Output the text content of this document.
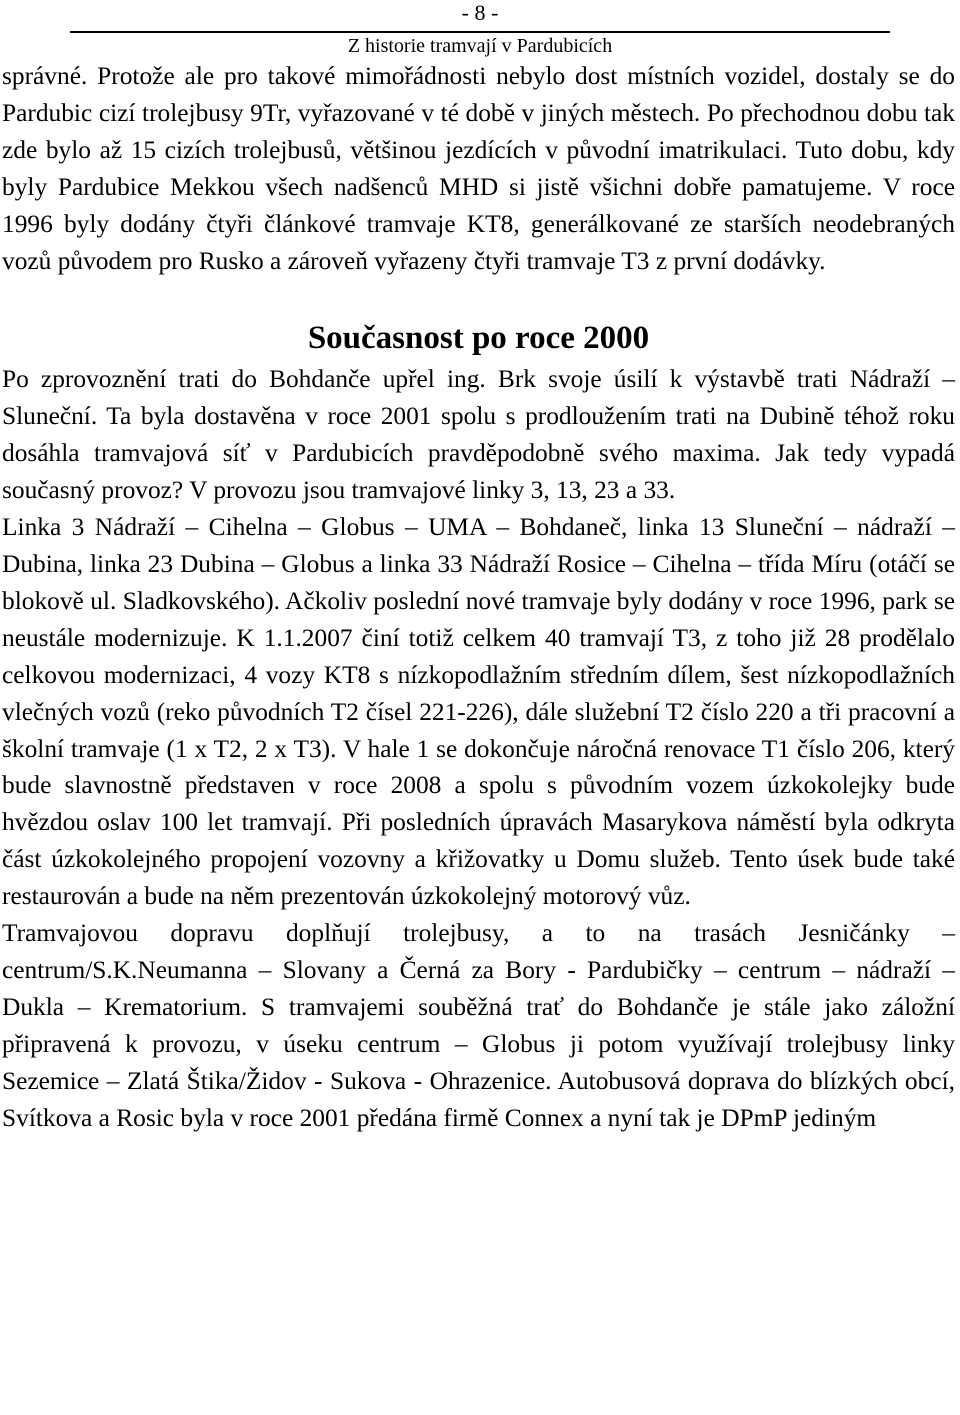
- 8 -
Z historie tramvají v Pardubicích

správné. Protože ale pro takové mimořádnosti nebylo dost místních vozidel, dostaly se do Pardubic cizí trolejbusy 9Tr, vyřazované v té době v jiných městech. Po přechodnou dobu tak zde bylo až 15 cizích trolejbusů, většinou jezdících v původní imatrikulaci. Tuto dobu, kdy byly Pardubice Mekkou všech nadšenců MHD si jistě všichni dobře pamatujeme. V roce 1996 byly dodány čtyři článkové tramvaje KT8, generálkované ze starších neodebraných vozů původem pro Rusko a zároveň vyřazeny čtyři tramvaje T3 z první dodávky.

Současnost po roce 2000

Po zprovoznění trati do Bohdanče upřel ing. Brk svoje úsilí k výstavbě trati Nádraží – Sluneční. Ta byla dostavěna v roce 2001 spolu s prodloužením trati na Dubině téhož roku dosáhla tramvajová síť v Pardubicích pravděpodobně svého maxima. Jak tedy vypadá současný provoz? V provozu jsou tramvajové linky 3, 13, 23 a 33.

Linka 3 Nádraží – Cihelna – Globus – UMA – Bohdaneč, linka 13 Sluneční – nádraží – Dubina, linka 23 Dubina – Globus a linka 33 Nádraží Rosice – Cihelna – třída Míru (otáčí se blokově ul. Sladkovského). Ačkoliv poslední nové tramvaje byly dodány v roce 1996, park se neustále modernizuje. K 1.1.2007 činí totiž celkem 40 tramvají T3, z toho již 28 prodělalo celkovou modernizaci, 4 vozy KT8 s nízkopodlažním středním dílem, šest nízkopodlažních vlečných vozů (reko původních T2 čísel 221-226), dále služební T2 číslo 220 a tři pracovní a školní tramvaje (1 x T2, 2 x T3). V hale 1 se dokončuje náročná renovace T1 číslo 206, který bude slavnostně představen v roce 2008 a spolu s původním vozem úzkokolejky bude hvězdou oslav 100 let tramvají. Při posledních úpravách Masarykova náměstí byla odkryta část úzkokolejného propojení vozovny a křižovatky u Domu služeb. Tento úsek bude také restaurován a bude na něm prezentován úzkokolejný motorový vůz.

Tramvajovou dopravu doplňují trolejbusy, a to na trasách Jesničánky – centrum/S.K.Neumanna – Slovany a Černá za Bory - Pardubičky – centrum – nádraží – Dukla – Krematorium. S tramvajemi souběžná trať do Bohdanče je stále jako záložní připravená k provozu, v úseku centrum – Globus ji potom využívají trolejbusy linky Sezemice – Zlatá Štika/Židov - Sukova - Ohrazenice. Autobusová doprava do blízkých obcí, Svítkova a Rosic byla v roce 2001 předána firmě Connex a nyní tak je DPmP jediným
